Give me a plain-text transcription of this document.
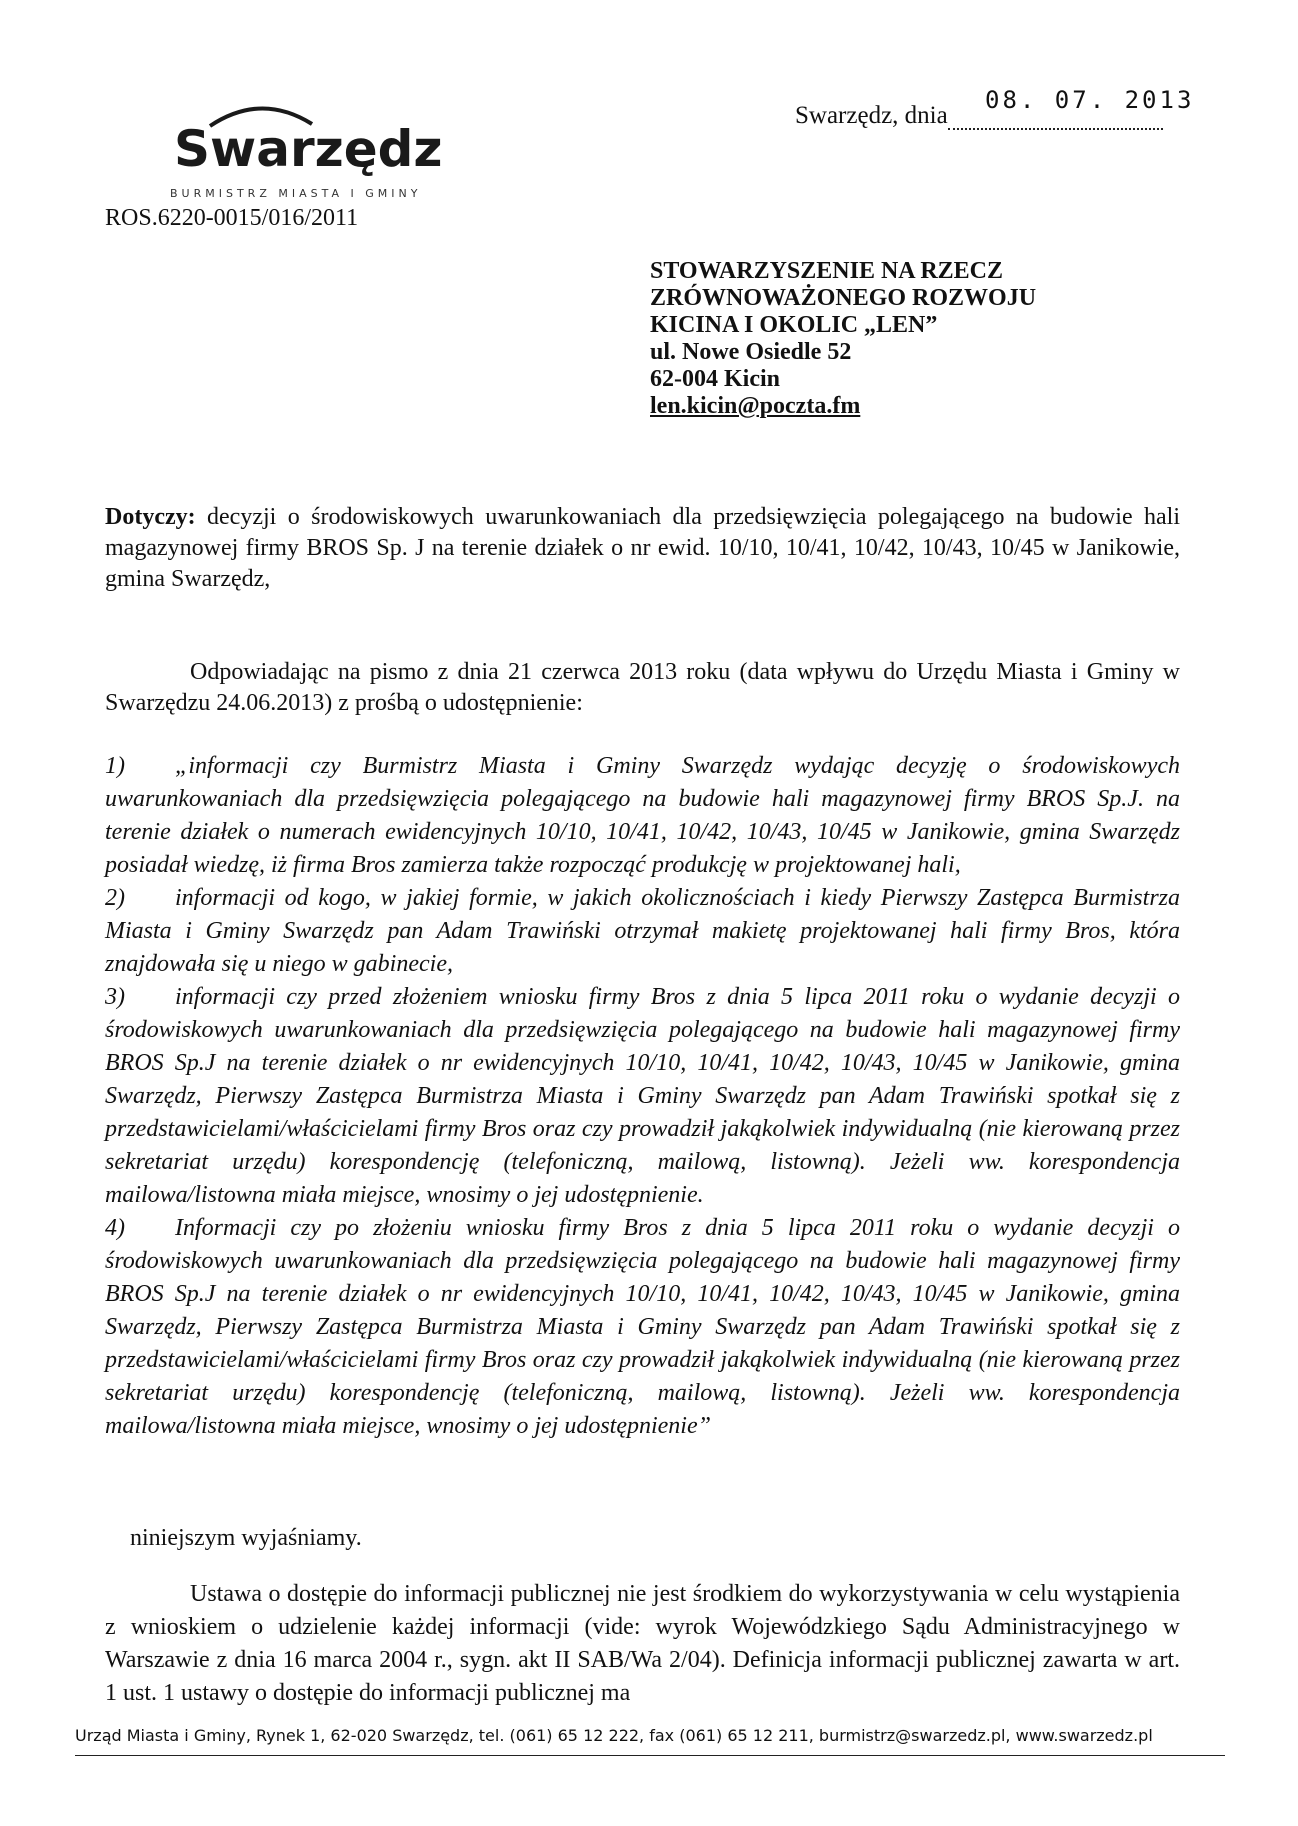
Swarzędz
BURMISTRZ MIASTA I GMINY
ROS.6220-0015/016/2011
Swarzędz, dnia
08. 07. 2013
STOWARZYSZENIE NA RZECZ
ZRÓWNOWAŻONEGO ROZWOJU
KICINA I OKOLIC „LEN”
ul. Nowe Osiedle 52
62-004 Kicin
len.kicin@poczta.fm
Dotyczy: decyzji o środowiskowych uwarunkowaniach dla przedsięwzięcia polegającego na budowie hali magazynowej firmy BROS Sp. J na terenie działek o nr ewid. 10/10, 10/41, 10/42, 10/43, 10/45 w Janikowie, gmina Swarzędz,
Odpowiadając na pismo z dnia 21 czerwca 2013 roku (data wpływu do Urzędu Miasta i Gminy w Swarzędzu 24.06.2013) z prośbą o udostępnienie:
1) „informacji czy Burmistrz Miasta i Gminy Swarzędz wydając decyzję o środowiskowych uwarunkowaniach dla przedsięwzięcia polegającego na budowie hali magazynowej firmy BROS Sp.J. na terenie działek o numerach ewidencyjnych 10/10, 10/41, 10/42, 10/43, 10/45 w Janikowie, gmina Swarzędz posiadał wiedzę, iż firma Bros zamierza także rozpocząć produkcję w projektowanej hali,
2) informacji od kogo, w jakiej formie, w jakich okolicznościach i kiedy Pierwszy Zastępca Burmistrza Miasta i Gminy Swarzędz pan Adam Trawiński otrzymał makietę projektowanej hali firmy Bros, która znajdowała się u niego w gabinecie,
3) informacji czy przed złożeniem wniosku firmy Bros z dnia 5 lipca 2011 roku o wydanie decyzji o środowiskowych uwarunkowaniach dla przedsięwzięcia polegającego na budowie hali magazynowej firmy BROS Sp.J na terenie działek o nr ewidencyjnych 10/10, 10/41, 10/42, 10/43, 10/45 w Janikowie, gmina Swarzędz, Pierwszy Zastępca Burmistrza Miasta i Gminy Swarzędz pan Adam Trawiński spotkał się z przedstawicielami/właścicielami firmy Bros oraz czy prowadził jakąkolwiek indywidualną (nie kierowaną przez sekretariat urzędu) korespondencję (telefoniczną, mailową, listowną). Jeżeli ww. korespondencja mailowa/listowna miała miejsce, wnosimy o jej udostępnienie.
4) Informacji czy po złożeniu wniosku firmy Bros z dnia 5 lipca 2011 roku o wydanie decyzji o środowiskowych uwarunkowaniach dla przedsięwzięcia polegającego na budowie hali magazynowej firmy BROS Sp.J na terenie działek o nr ewidencyjnych 10/10, 10/41, 10/42, 10/43, 10/45 w Janikowie, gmina Swarzędz, Pierwszy Zastępca Burmistrza Miasta i Gminy Swarzędz pan Adam Trawiński spotkał się z przedstawicielami/właścicielami firmy Bros oraz czy prowadził jakąkolwiek indywidualną (nie kierowaną przez sekretariat urzędu) korespondencję (telefoniczną, mailową, listowną). Jeżeli ww. korespondencja mailowa/listowna miała miejsce, wnosimy o jej udostępnienie”
niniejszym wyjaśniamy.
Ustawa o dostępie do informacji publicznej nie jest środkiem do wykorzystywania w celu wystąpienia z wnioskiem o udzielenie każdej informacji (vide: wyrok Wojewódzkiego Sądu Administracyjnego w Warszawie z dnia 16 marca 2004 r., sygn. akt II SAB/Wa 2/04). Definicja informacji publicznej zawarta w art. 1 ust. 1 ustawy o dostępie do informacji publicznej ma
Urząd Miasta i Gminy, Rynek 1, 62-020 Swarzędz, tel. (061) 65 12 222, fax (061) 65 12 211, burmistrz@swarzedz.pl, www.swarzedz.pl
